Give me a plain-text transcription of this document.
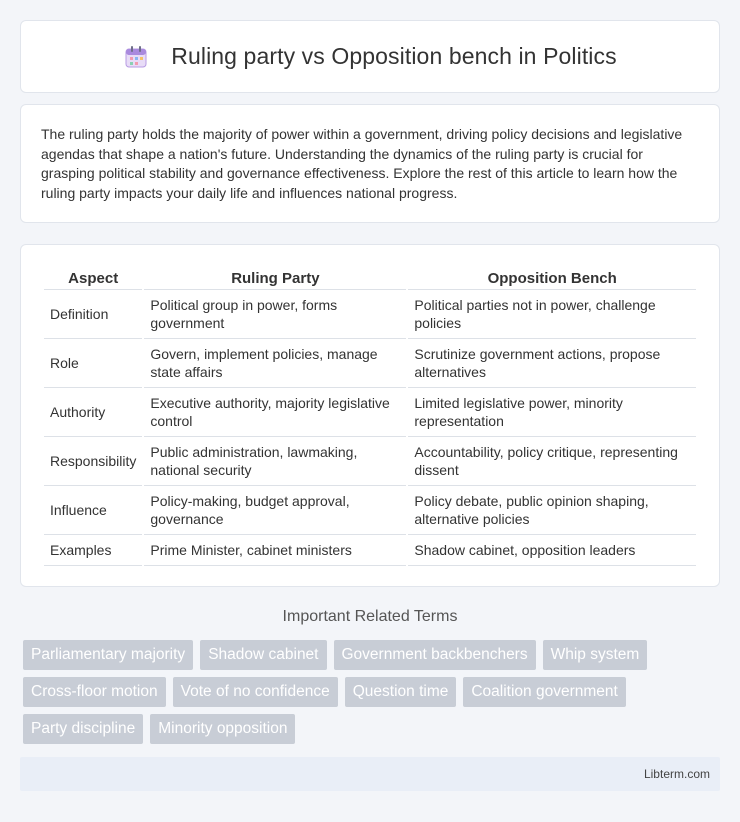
Ruling party vs Opposition bench in Politics

The ruling party holds the majority of power within a government, driving policy decisions and legislative agendas that shape a nation's future. Understanding the dynamics of the ruling party is crucial for grasping political stability and governance effectiveness. Explore the rest of this article to learn how the ruling party impacts your daily life and influences national progress.

Aspect	Ruling Party	Opposition Bench
Definition	Political group in power, forms government	Political parties not in power, challenge policies
Role	Govern, implement policies, manage state affairs	Scrutinize government actions, propose alternatives
Authority	Executive authority, majority legislative control	Limited legislative power, minority representation
Responsibility	Public administration, lawmaking, national security	Accountability, policy critique, representing dissent
Influence	Policy-making, budget approval, governance	Policy debate, public opinion shaping, alternative policies
Examples	Prime Minister, cabinet ministers	Shadow cabinet, opposition leaders
Important Related Terms
Parliamentary majority	Shadow cabinet	Government backbenchers	Whip system
Cross-floor motion	Vote of no confidence	Question time	Coalition government
Party discipline	Minority opposition
Libterm.com
